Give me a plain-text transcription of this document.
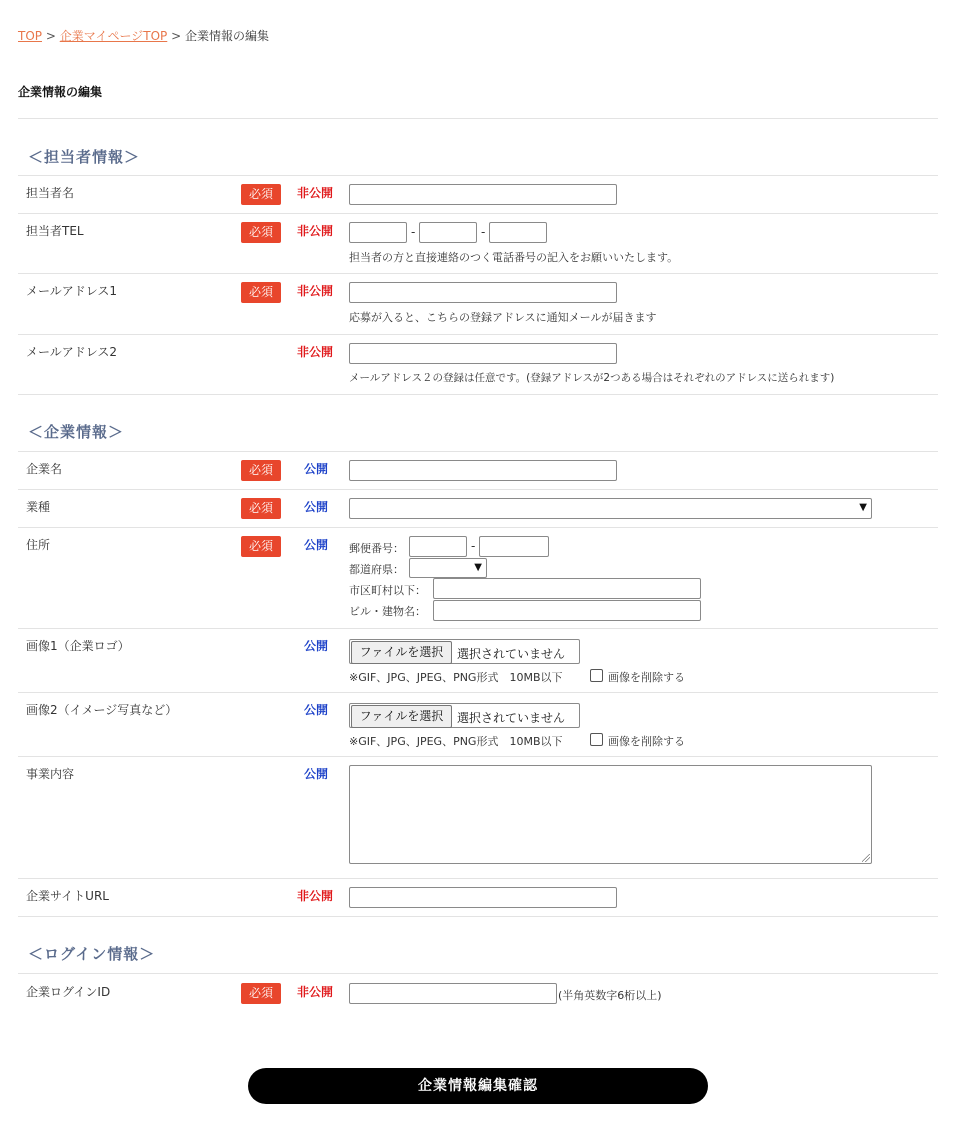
TOP > 企業マイページTOP > 企業情報の編集
企業情報の編集
＜担当者情報＞
担当者名	必須	非公開
担当者TEL	必須	非公開	-	-
担当者の方と直接連絡のつく電話番号の記入をお願いいたします。
メールアドレス1	必須	非公開
応募が入ると、こちらの登録アドレスに通知メールが届きます
メールアドレス2	非公開
メールアドレス２の登録は任意です。(登録アドレスが2つある場合はそれぞれのアドレスに送られます)
＜企業情報＞
企業名	必須	公開
業種	必須	公開	▼
住所	必須	公開 郵便番号：	-
都道府県：	▼
市区町村以下：
ビル・建物名：
画像1（企業ロゴ）	公開	ファイルを選択	選択されていません
※GIF、JPG、JPEG、PNG形式　10MB以下	画像を削除する
画像2（イメージ写真など）	公開	ファイルを選択	選択されていません
※GIF、JPG、JPEG、PNG形式　10MB以下	画像を削除する
事業内容	公開
企業サイトURL	非公開
＜ログイン情報＞
企業ログインID	必須	非公開	(半角英数字6桁以上)
企業情報編集確認
